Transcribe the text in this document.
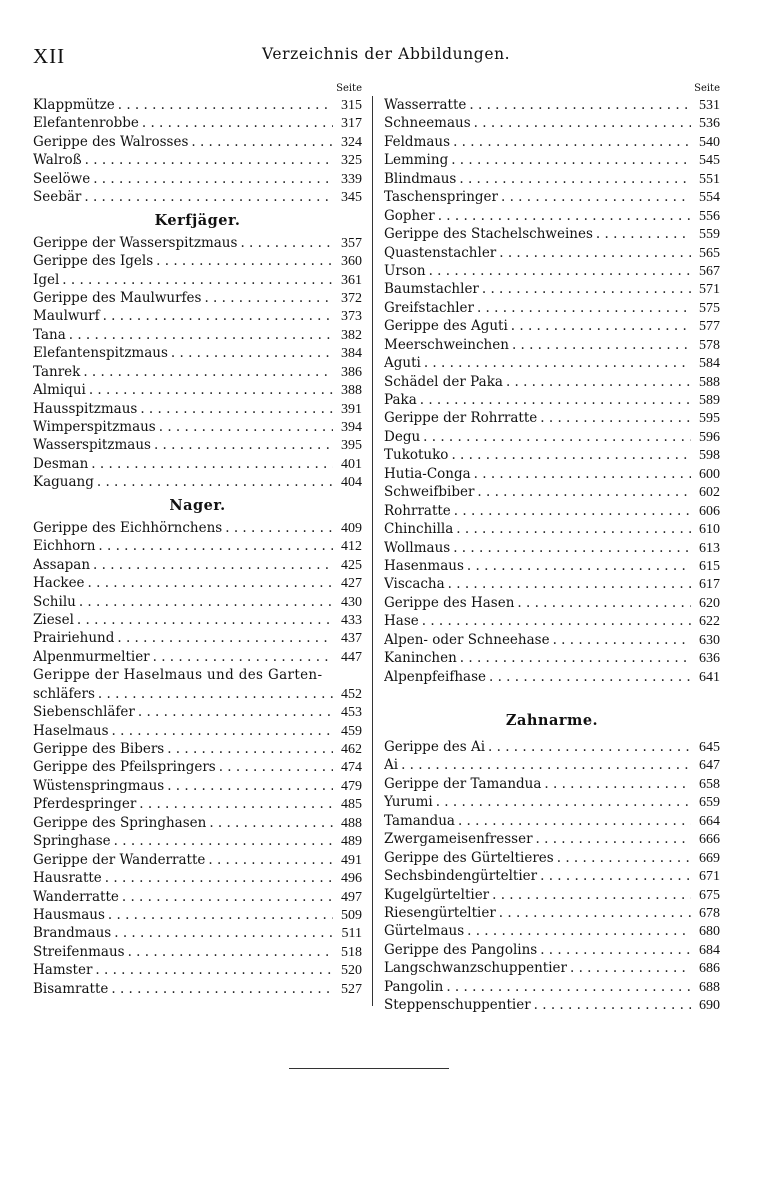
XII	Verzeichnis der Abbildungen.
Seite
Klappmütze . . .	315
Elefantenrobbe . . .	317
Gerippe des Walrosses . . .	324
Walroß . . .	325
Seelöwe . . .	339
Seebär . . .	345
Kerfjäger.
Gerippe der Wasserspitzmaus . . .	357
Gerippe des Igels . . .	360
Igel . . .	361
Gerippe des Maulwurfes . . .	372
Maulwurf . . .	373
Tana . . .	382
Elefantenspitzmaus . . .	384
Tanrek . . .	386
Almiqui . . .	388
Hausspitzmaus . . .	391
Wimperspitzmaus . . .	394
Wasserspitzmaus . . .	395
Desman . . .	401
Kaguang . . .	404
Nager.
Gerippe des Eichhörnchens . . .	409
Eichhorn . . .	412
Assapan . . .	425
Hackee . . .	427
Schilu . . .	430
Ziesel . . .	433
Prairiehund . . .	437
Alpenmurmeltier . . .	447
Gerippe der Haselmaus und des Garten-
schläfers . . .	452
Siebenschläfer . . .	453
Haselmaus . . .	459
Gerippe des Bibers . . .	462
Gerippe des Pfeilspringers . . .	474
Wüstenspringmaus . . .	479
Pferdespringer . . .	485
Gerippe des Springhasen . . .	488
Springhase . . .	489
Gerippe der Wanderratte . . .	491
Hausratte . . .	496
Wanderratte . . .	497
Hausmaus . . .	509
Brandmaus . . .	511
Streifenmaus . . .	518
Hamster . . .	520
Bisamratte . . .	527
Seite
Wasserratte . . .	531
Schneemaus . . .	536
Feldmaus . . .	540
Lemming . . .	545
Blindmaus . . .	551
Taschenspringer . . .	554
Gopher . . .	556
Gerippe des Stachelschweines . . .	559
Quastenstachler . . .	565
Urson . . .	567
Baumstachler . . .	571
Greifstachler . . .	575
Gerippe des Aguti . . .	577
Meerschweinchen . . .	578
Aguti . . .	584
Schädel der Paka . . .	588
Paka . . .	589
Gerippe der Rohrratte . . .	595
Degu . . .	596
Tukotuko . . .	598
Hutia-Conga . . .	600
Schweifbiber . . .	602
Rohrratte . . .	606
Chinchilla . . .	610
Wollmaus . . .	613
Hasenmaus . . .	615
Viscacha . . .	617
Gerippe des Hasen . . .	620
Hase . . .	622
Alpen- oder Schneehase . . .	630
Kaninchen . . .	636
Alpenpfeifhase . . .	641
Zahnarme.
Gerippe des Ai . . .	645
Ai . . .	647
Gerippe der Tamandua . . .	658
Yurumi . . .	659
Tamandua . . .	664
Zwergameisenfresser . . .	666
Gerippe des Gürteltieres . . .	669
Sechsbindengürteltier . . .	671
Kugelgürteltier . . .	675
Riesengürteltier . . .	678
Gürtelmaus . . .	680
Gerippe des Pangolins . . .	684
Langschwanzschuppentier . . .	686
Pangolin . . .	688
Steppenschuppentier . . .	690
